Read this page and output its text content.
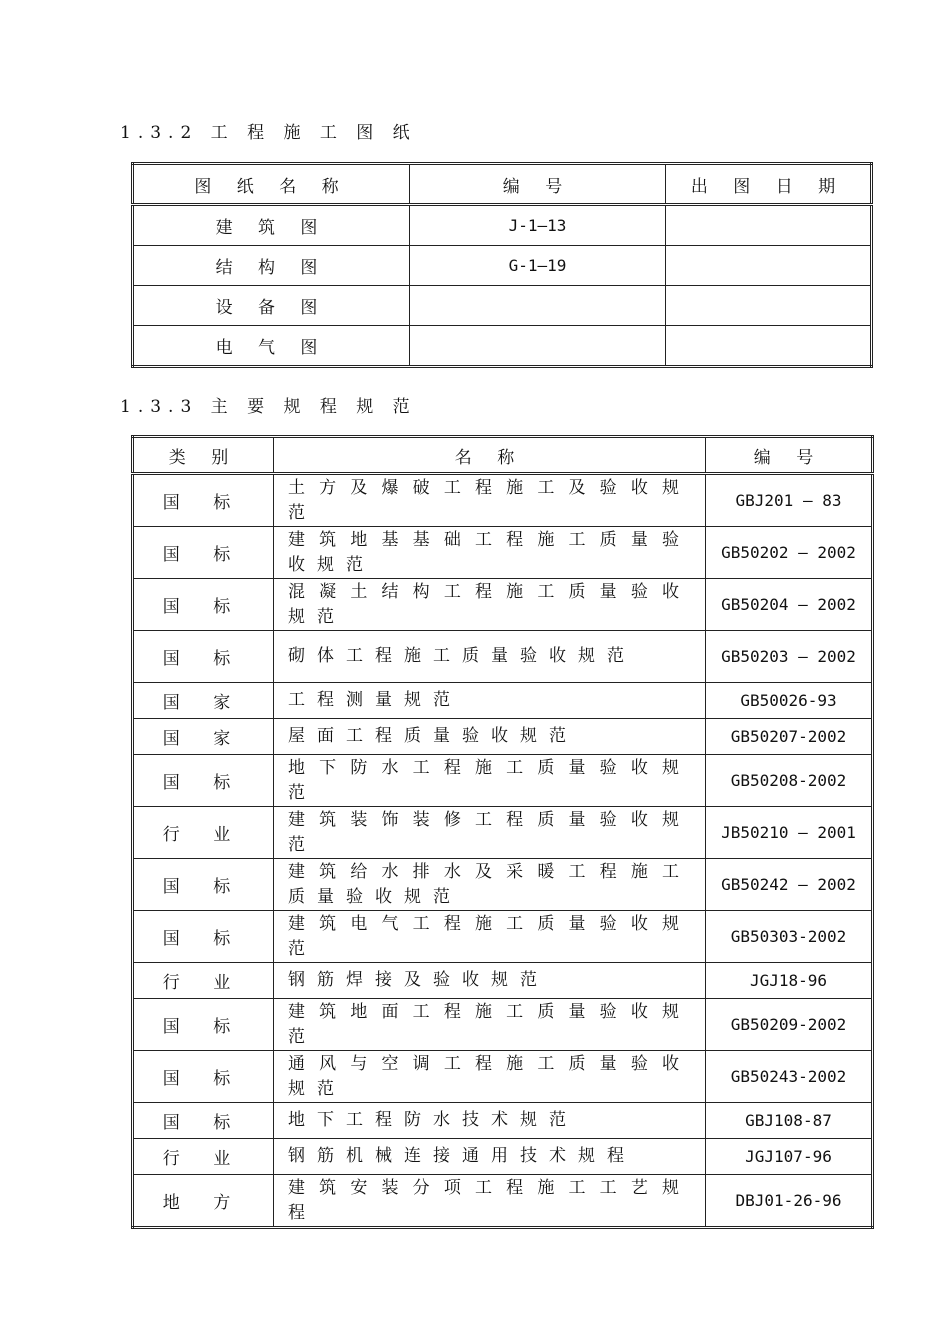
1.3.2 工 程 施 工 图 纸
图 纸 名 称	编 号	出 图 日 期
建 筑 图	J-1—13	
结 构 图	G-1—19	
设 备 图		
电 气 图		
1.3.3 主 要 规 程 规 范
类 别	名 称	编 号
国 标	土方及爆破工程施工及验收规范	GBJ201 — 83
国 标	建筑地基基础工程施工质量验收规范	GB50202 — 2002
国 标	混凝土结构工程施工质量验收规范	GB50204 — 2002
国 标	砌体工程施工质量验收规范	GB50203 — 2002
国 家	工程测量规范	GB50026-93
国 家	屋面工程质量验收规范	GB50207-2002
国 标	地下防水工程施工质量验收规范	GB50208-2002
行 业	建筑装饰装修工程质量验收规范	JB50210 — 2001
国 标	建筑给水排水及采暖工程施工质量验收规范	GB50242 — 2002
国 标	建筑电气工程施工质量验收规范	GB50303-2002
行 业	钢筋焊接及验收规范	JGJ18-96
国 标	建筑地面工程施工质量验收规范	GB50209-2002
国 标	通风与空调工程施工质量验收规范	GB50243-2002
国 标	地下工程防水技术规范	GBJ108-87
行 业	钢筋机械连接通用技术规程	JGJ107-96
地 方	建筑安装分项工程施工工艺规程	DBJ01-26-96
